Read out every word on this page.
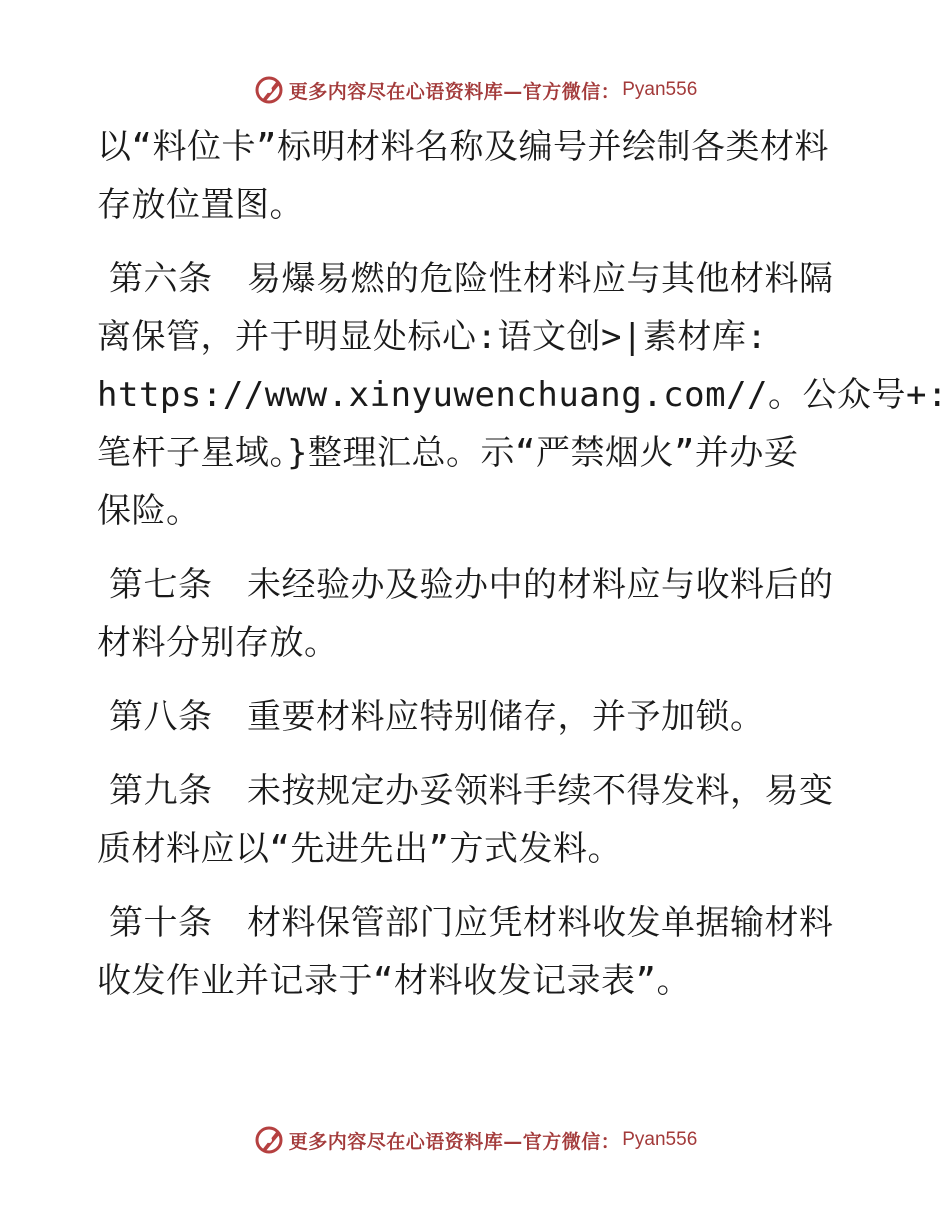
更多内容尽在心语资料库—官方微信： Pyan556
以“料位卡”标明材料名称及编号并绘制各类材料
存放位置图。
第六条　易爆易燃的危险性材料应与其他材料隔
离保管，并于明显处标心:语文创>|素材库:
https://www.xinyuwenchuang.com//。公众号+:
笔杆子星域。}整理汇总。示“严禁烟火”并办妥
保险。
第七条　未经验办及验办中的材料应与收料后的
材料分别存放。
第八条　重要材料应特别储存，并予加锁。
第九条　未按规定办妥领料手续不得发料，易变
质材料应以“先进先出”方式发料。
第十条　材料保管部门应凭材料收发单据输材料
收发作业并记录于“材料收发记录表”。
更多内容尽在心语资料库—官方微信： Pyan556
